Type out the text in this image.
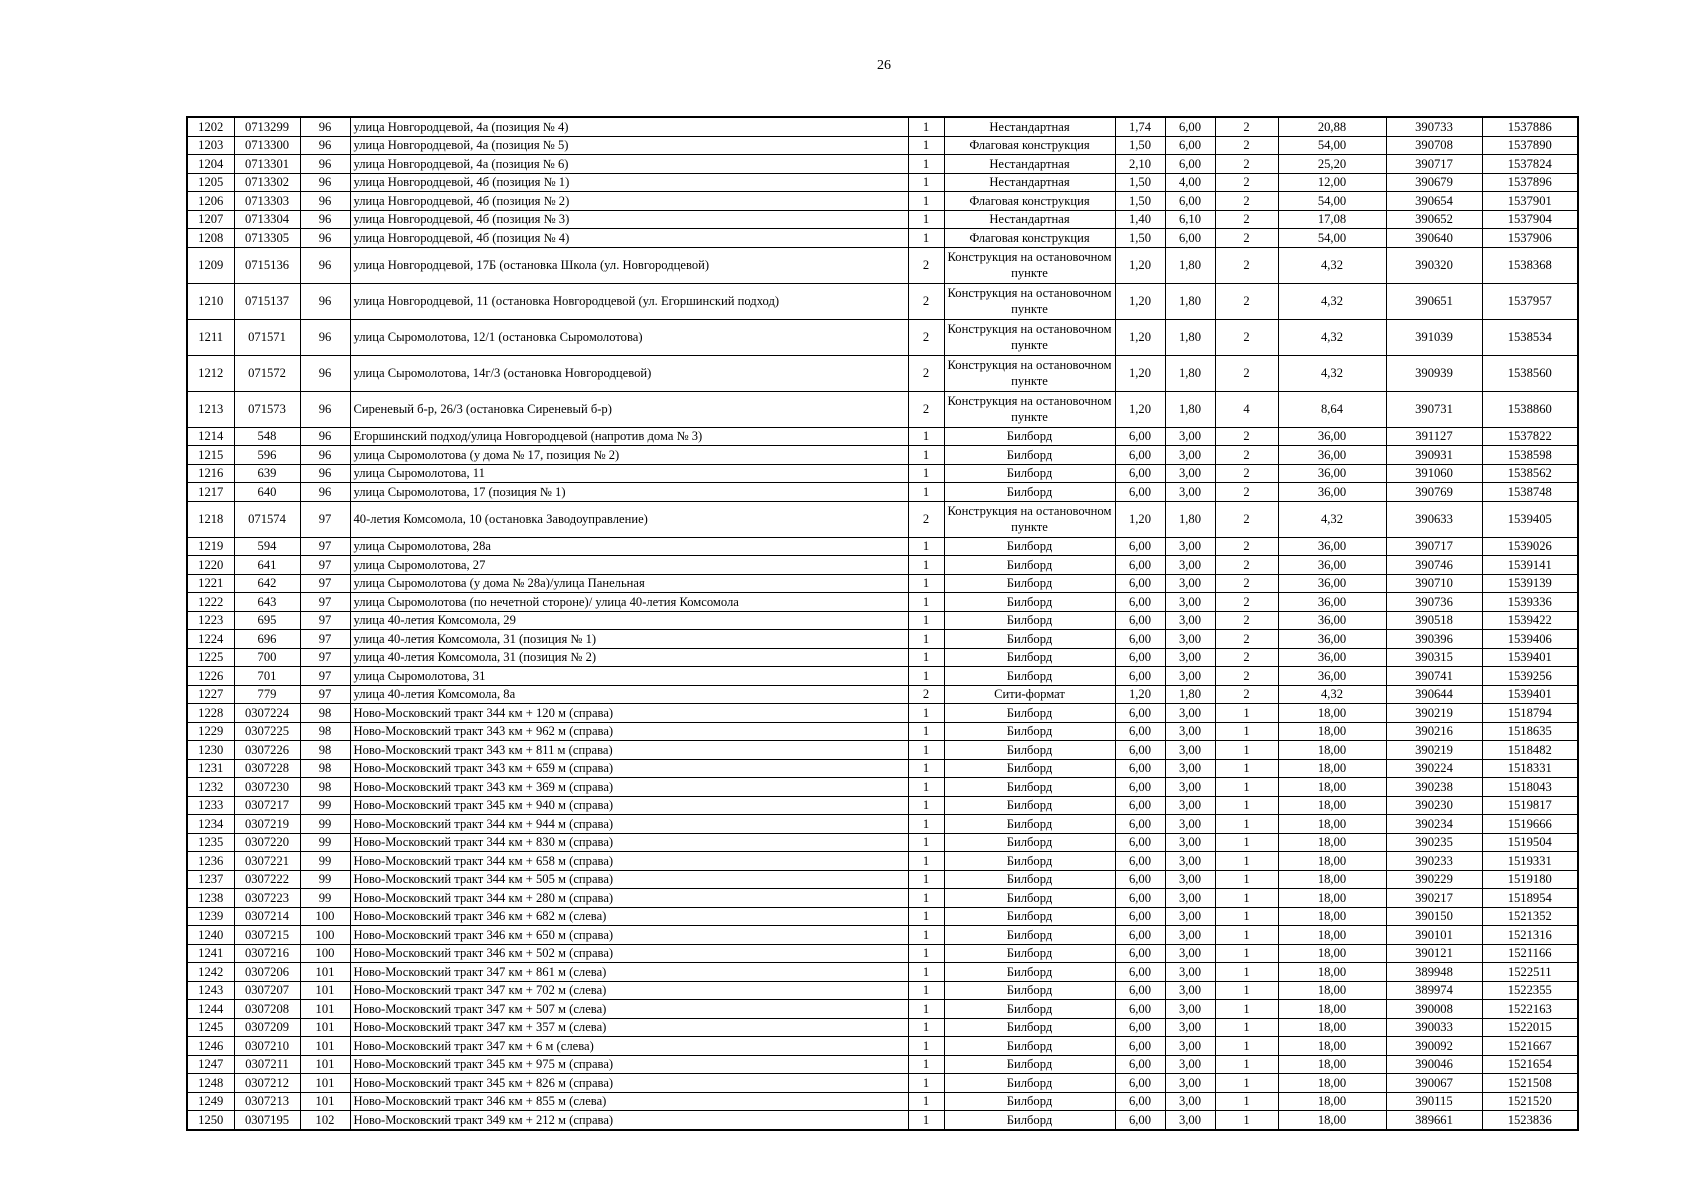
26
1202	0713299	96	улица Новгородцевой, 4а (позиция № 4)	1	Нестандартная	1,74	6,00	2	20,88	390733	1537886
1203	0713300	96	улица Новгородцевой, 4а (позиция № 5)	1	Флаговая конструкция	1,50	6,00	2	54,00	390708	1537890
1204	0713301	96	улица Новгородцевой, 4а (позиция № 6)	1	Нестандартная	2,10	6,00	2	25,20	390717	1537824
1205	0713302	96	улица Новгородцевой, 4б (позиция № 1)	1	Нестандартная	1,50	4,00	2	12,00	390679	1537896
1206	0713303	96	улица Новгородцевой, 4б (позиция № 2)	1	Флаговая конструкция	1,50	6,00	2	54,00	390654	1537901
1207	0713304	96	улица Новгородцевой, 4б (позиция № 3)	1	Нестандартная	1,40	6,10	2	17,08	390652	1537904
1208	0713305	96	улица Новгородцевой, 4б (позиция № 4)	1	Флаговая конструкция	1,50	6,00	2	54,00	390640	1537906
1209	0715136	96	улица Новгородцевой, 17Б (остановка Школа (ул. Новгородцевой)	2	Конструкция на остановочном пункте	1,20	1,80	2	4,32	390320	1538368
1210	0715137	96	улица Новгородцевой, 11 (остановка Новгородцевой (ул. Егоршинский подход)	2	Конструкция на остановочном пункте	1,20	1,80	2	4,32	390651	1537957
1211	071571	96	улица Сыромолотова, 12/1 (остановка Сыромолотова)	2	Конструкция на остановочном пункте	1,20	1,80	2	4,32	391039	1538534
1212	071572	96	улица Сыромолотова, 14г/3 (остановка Новгородцевой)	2	Конструкция на остановочном пункте	1,20	1,80	2	4,32	390939	1538560
1213	071573	96	Сиреневый б-р, 26/3 (остановка Сиреневый б-р)	2	Конструкция на остановочном пункте	1,20	1,80	4	8,64	390731	1538860
1214	548	96	Егоршинский подход/улица Новгородцевой (напротив дома № 3)	1	Билборд	6,00	3,00	2	36,00	391127	1537822
1215	596	96	улица Сыромолотова (у дома № 17, позиция № 2)	1	Билборд	6,00	3,00	2	36,00	390931	1538598
1216	639	96	улица Сыромолотова, 11	1	Билборд	6,00	3,00	2	36,00	391060	1538562
1217	640	96	улица Сыромолотова, 17 (позиция № 1)	1	Билборд	6,00	3,00	2	36,00	390769	1538748
1218	071574	97	40-летия Комсомола, 10 (остановка Заводоуправление)	2	Конструкция на остановочном пункте	1,20	1,80	2	4,32	390633	1539405
1219	594	97	улица Сыромолотова, 28а	1	Билборд	6,00	3,00	2	36,00	390717	1539026
1220	641	97	улица Сыромолотова, 27	1	Билборд	6,00	3,00	2	36,00	390746	1539141
1221	642	97	улица Сыромолотова (у дома № 28а)/улица Панельная	1	Билборд	6,00	3,00	2	36,00	390710	1539139
1222	643	97	улица Сыромолотова (по нечетной стороне)/ улица 40-летия Комсомола	1	Билборд	6,00	3,00	2	36,00	390736	1539336
1223	695	97	улица 40-летия Комсомола, 29	1	Билборд	6,00	3,00	2	36,00	390518	1539422
1224	696	97	улица 40-летия Комсомола, 31 (позиция № 1)	1	Билборд	6,00	3,00	2	36,00	390396	1539406
1225	700	97	улица 40-летия Комсомола, 31 (позиция № 2)	1	Билборд	6,00	3,00	2	36,00	390315	1539401
1226	701	97	улица Сыромолотова, 31	1	Билборд	6,00	3,00	2	36,00	390741	1539256
1227	779	97	улица 40-летия Комсомола, 8а	2	Сити-формат	1,20	1,80	2	4,32	390644	1539401
1228	0307224	98	Ново-Московский тракт 344 км + 120 м (справа)	1	Билборд	6,00	3,00	1	18,00	390219	1518794
1229	0307225	98	Ново-Московский тракт 343 км + 962 м (справа)	1	Билборд	6,00	3,00	1	18,00	390216	1518635
1230	0307226	98	Ново-Московский тракт 343 км + 811 м (справа)	1	Билборд	6,00	3,00	1	18,00	390219	1518482
1231	0307228	98	Ново-Московский тракт 343 км + 659 м (справа)	1	Билборд	6,00	3,00	1	18,00	390224	1518331
1232	0307230	98	Ново-Московский тракт 343 км + 369 м (справа)	1	Билборд	6,00	3,00	1	18,00	390238	1518043
1233	0307217	99	Ново-Московский тракт 345 км + 940 м (справа)	1	Билборд	6,00	3,00	1	18,00	390230	1519817
1234	0307219	99	Ново-Московский тракт 344 км + 944 м (справа)	1	Билборд	6,00	3,00	1	18,00	390234	1519666
1235	0307220	99	Ново-Московский тракт 344 км + 830 м (справа)	1	Билборд	6,00	3,00	1	18,00	390235	1519504
1236	0307221	99	Ново-Московский тракт 344 км + 658 м (справа)	1	Билборд	6,00	3,00	1	18,00	390233	1519331
1237	0307222	99	Ново-Московский тракт 344 км + 505 м (справа)	1	Билборд	6,00	3,00	1	18,00	390229	1519180
1238	0307223	99	Ново-Московский тракт 344 км + 280 м (справа)	1	Билборд	6,00	3,00	1	18,00	390217	1518954
1239	0307214	100	Ново-Московский тракт 346 км + 682 м (слева)	1	Билборд	6,00	3,00	1	18,00	390150	1521352
1240	0307215	100	Ново-Московский тракт 346 км + 650 м (справа)	1	Билборд	6,00	3,00	1	18,00	390101	1521316
1241	0307216	100	Ново-Московский тракт 346 км + 502 м (справа)	1	Билборд	6,00	3,00	1	18,00	390121	1521166
1242	0307206	101	Ново-Московский тракт 347 км + 861 м (слева)	1	Билборд	6,00	3,00	1	18,00	389948	1522511
1243	0307207	101	Ново-Московский тракт 347 км + 702 м (слева)	1	Билборд	6,00	3,00	1	18,00	389974	1522355
1244	0307208	101	Ново-Московский тракт 347 км + 507 м (слева)	1	Билборд	6,00	3,00	1	18,00	390008	1522163
1245	0307209	101	Ново-Московский тракт 347 км + 357 м (слева)	1	Билборд	6,00	3,00	1	18,00	390033	1522015
1246	0307210	101	Ново-Московский тракт 347 км + 6 м (слева)	1	Билборд	6,00	3,00	1	18,00	390092	1521667
1247	0307211	101	Ново-Московский тракт 345 км + 975 м (справа)	1	Билборд	6,00	3,00	1	18,00	390046	1521654
1248	0307212	101	Ново-Московский тракт 345 км + 826 м (справа)	1	Билборд	6,00	3,00	1	18,00	390067	1521508
1249	0307213	101	Ново-Московский тракт 346 км + 855 м (слева)	1	Билборд	6,00	3,00	1	18,00	390115	1521520
1250	0307195	102	Ново-Московский тракт 349 км + 212 м (справа)	1	Билборд	6,00	3,00	1	18,00	389661	1523836
